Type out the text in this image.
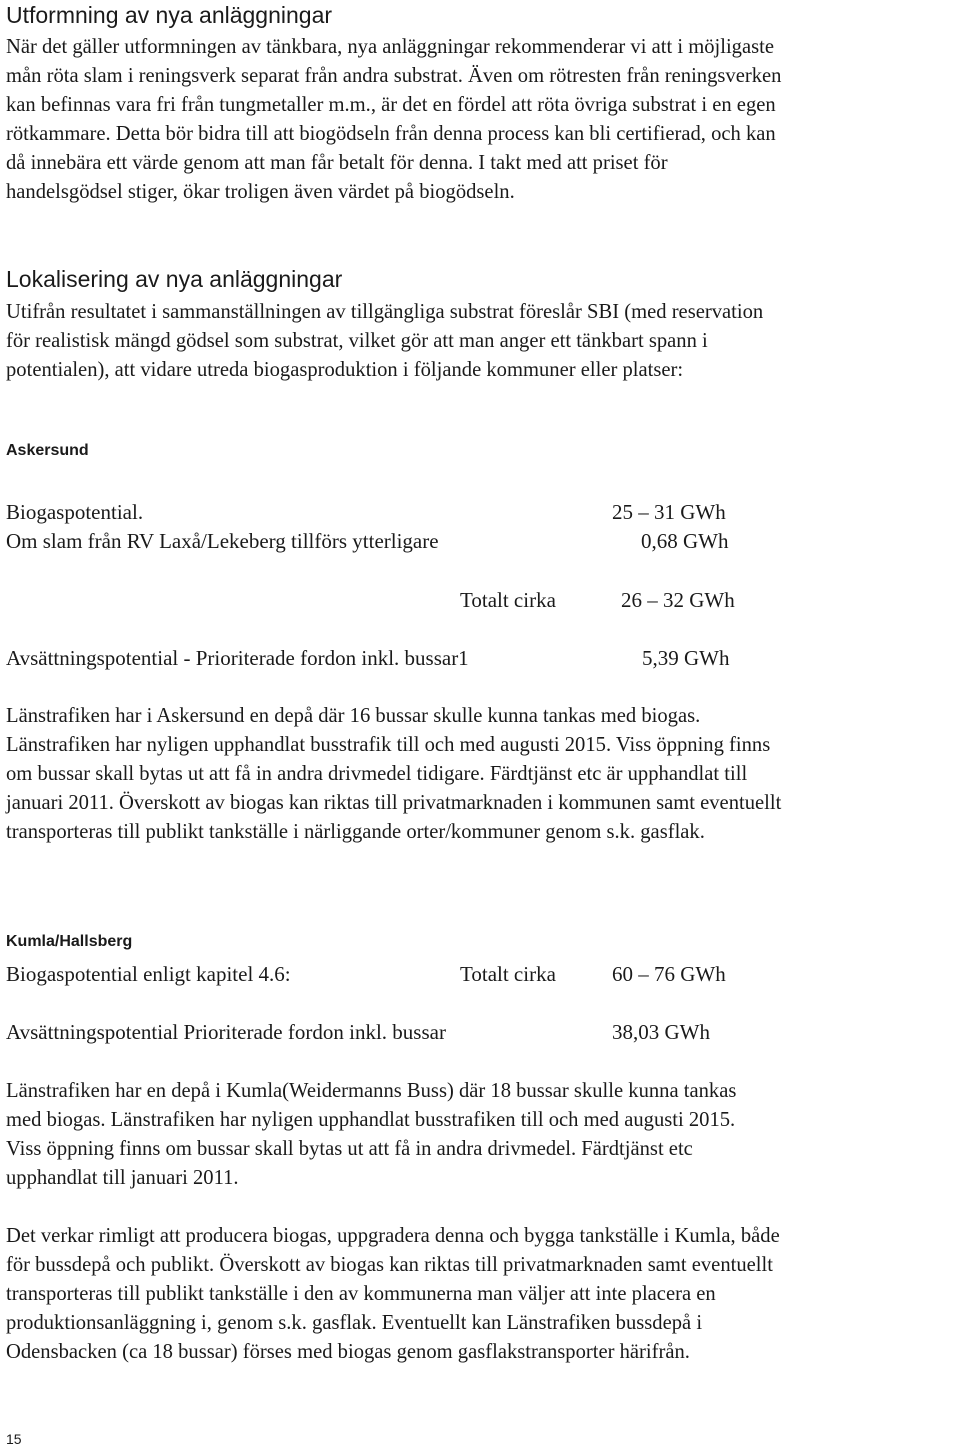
Utformning av nya anläggningar
När det gäller utformningen av tänkbara, nya anläggningar rekommenderar vi att i möjligaste
mån röta slam i reningsverk separat från andra substrat. Även om rötresten från reningsverken
kan befinnas vara fri från tungmetaller m.m., är det en fördel att röta övriga substrat i en egen
rötkammare. Detta bör bidra till att biogödseln från denna process kan bli certifierad, och kan
då innebära ett värde genom att man får betalt för denna. I takt med att priset för
handelsgödsel stiger, ökar troligen även värdet på biogödseln.
Lokalisering av nya anläggningar
Utifrån resultatet i sammanställningen av tillgängliga substrat föreslår SBI (med reservation
för realistisk mängd gödsel som substrat, vilket gör att man anger ett tänkbart spann i
potentialen), att vidare utreda biogasproduktion i följande kommuner eller platser:
Askersund
Biogaspotential.	25 – 31 GWh
Om slam från RV Laxå/Lekeberg tillförs ytterligare	0,68 GWh
Totalt cirka	26 – 32 GWh
Avsättningspotential - Prioriterade fordon inkl. bussar1	5,39 GWh
Länstrafiken har i Askersund en depå där 16 bussar skulle kunna tankas med biogas.
Länstrafiken har nyligen upphandlat busstrafik till och med augusti 2015. Viss öppning finns
om bussar skall bytas ut att få in andra drivmedel tidigare. Färdtjänst etc är upphandlat till
januari 2011. Överskott av biogas kan riktas till privatmarknaden i kommunen samt eventuellt
transporteras till publikt tankställe i närliggande orter/kommuner genom s.k. gasflak.
Kumla/Hallsberg
Biogaspotential enligt kapitel 4.6:	Totalt cirka	60 – 76 GWh
Avsättningspotential Prioriterade fordon inkl. bussar	38,03 GWh
Länstrafiken har en depå i Kumla(Weidermanns Buss) där 18 bussar skulle kunna tankas
med biogas. Länstrafiken har nyligen upphandlat busstrafiken till och med augusti 2015.
Viss öppning finns om bussar skall bytas ut att få in andra drivmedel. Färdtjänst etc
upphandlat till januari 2011.
Det verkar rimligt att producera biogas, uppgradera denna och bygga tankställe i Kumla, både
för bussdepå och publikt. Överskott av biogas kan riktas till privatmarknaden samt eventuellt
transporteras till publikt tankställe i den av kommunerna man väljer att inte placera en
produktionsanläggning i, genom s.k. gasflak. Eventuellt kan Länstrafiken bussdepå i
Odensbacken (ca 18 bussar) förses med biogas genom gasflakstransporter härifrån.
15
